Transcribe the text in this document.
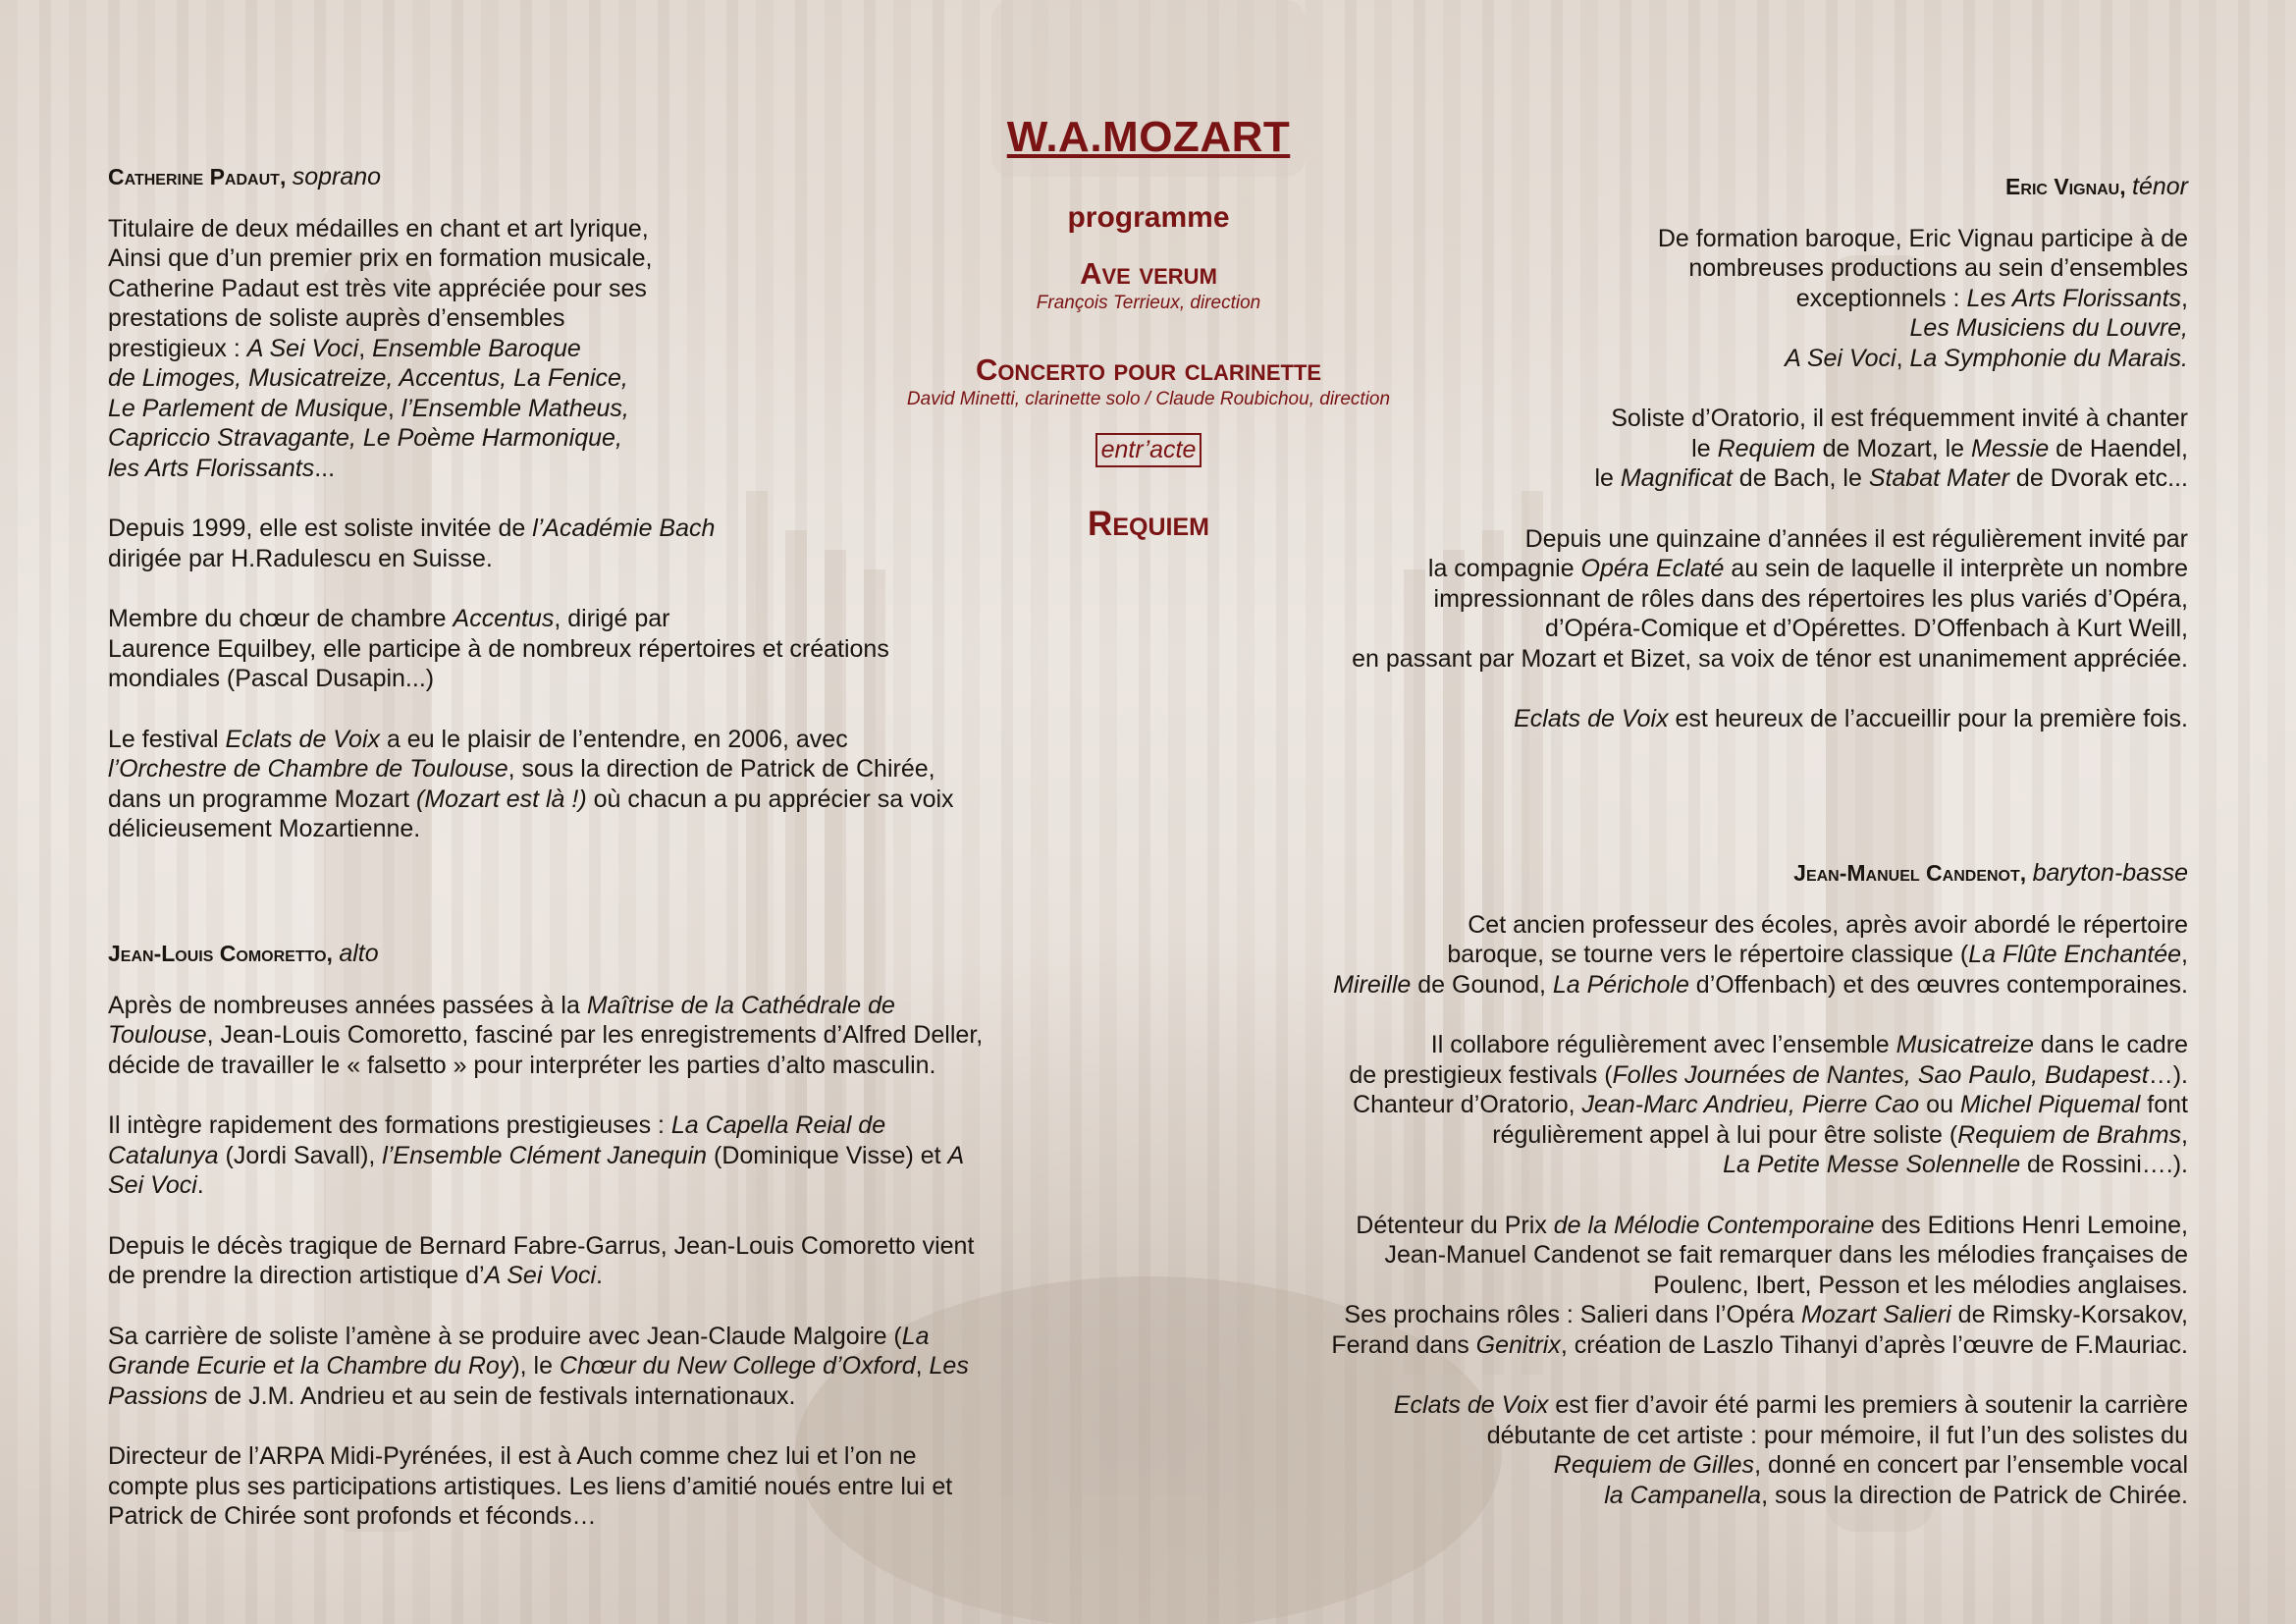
W.A.MOZART
programme
Ave verum
François Terrieux, direction
Concerto pour clarinette
David Minetti, clarinette solo / Claude Roubichou, direction
entr’acte
Requiem
Catherine Padaut, soprano

Titulaire de deux médailles en chant et art lyrique,
Ainsi que d’un premier prix en formation musicale,
Catherine Padaut est très vite appréciée pour ses
prestations de soliste auprès d’ensembles
prestigieux : A Sei Voci, Ensemble Baroque
de Limoges, Musicatreize, Accentus, La Fenice,
Le Parlement de Musique, l’Ensemble Matheus,
Capriccio Stravagante, Le Poème Harmonique,
les Arts Florissants...

Depuis 1999, elle est soliste invitée de l’Académie Bach
dirigée par H.Radulescu en Suisse.

Membre du chœur de chambre Accentus, dirigé par
Laurence Equilbey, elle participe à de nombreux répertoires et créations
mondiales (Pascal Dusapin...)

Le festival Eclats de Voix a eu le plaisir de l’entendre, en 2006, avec
l’Orchestre de Chambre de Toulouse, sous la direction de Patrick de Chirée,
dans un programme Mozart (Mozart est là !) où chacun a pu apprécier sa voix
délicieusement Mozartienne.

Jean-Louis Comoretto, alto

Après de nombreuses années passées à la Maîtrise de la Cathédrale de
Toulouse, Jean-Louis Comoretto, fasciné par les enregistrements d’Alfred Deller,
décide de travailler le « falsetto » pour interpréter les parties d’alto masculin.

Il intègre rapidement des formations prestigieuses : La Capella Reial de
Catalunya (Jordi Savall), l’Ensemble Clément Janequin (Dominique Visse) et A
Sei Voci.

Depuis le décès tragique de Bernard Fabre-Garrus, Jean-Louis Comoretto vient
de prendre la direction artistique d’A Sei Voci.

Sa carrière de soliste l’amène à se produire avec Jean-Claude Malgoire (La
Grande Ecurie et la Chambre du Roy), le Chœur du New College d’Oxford, Les
Passions de J.M. Andrieu et au sein de festivals internationaux.

Directeur de l’ARPA Midi-Pyrénées, il est à Auch comme chez lui et l’on ne
compte plus ses participations artistiques. Les liens d’amitié noués entre lui et
Patrick de Chirée sont profonds et féconds…

Eric Vignau, ténor

De formation baroque, Eric Vignau participe à de
nombreuses productions au sein d’ensembles
exceptionnels : Les Arts Florissants,
Les Musiciens du Louvre,
A Sei Voci, La Symphonie du Marais.

Soliste d’Oratorio, il est fréquemment invité à chanter
le Requiem de Mozart, le Messie de Haendel,
le Magnificat de Bach, le Stabat Mater de Dvorak etc...

Depuis une quinzaine d’années il est régulièrement invité par
la compagnie Opéra Eclaté au sein de laquelle il interprète un nombre
impressionnant de rôles dans des répertoires les plus variés d’Opéra,
d’Opéra-Comique et d’Opérettes. D’Offenbach à Kurt Weill,
en passant par Mozart et Bizet, sa voix de ténor est unanimement appréciée.

Eclats de Voix est heureux de l’accueillir pour la première fois.

Jean-Manuel Candenot, baryton-basse

Cet ancien professeur des écoles, après avoir abordé le répertoire
baroque, se tourne vers le répertoire classique (La Flûte Enchantée,
Mireille de Gounod, La Périchole d’Offenbach) et des œuvres contemporaines.

Il collabore régulièrement avec l’ensemble Musicatreize dans le cadre
de prestigieux festivals (Folles Journées de Nantes, Sao Paulo, Budapest…).
Chanteur d’Oratorio, Jean-Marc Andrieu, Pierre Cao ou Michel Piquemal font
régulièrement appel à lui pour être soliste (Requiem de Brahms,
La Petite Messe Solennelle de Rossini….).

Détenteur du Prix de la Mélodie Contemporaine des Editions Henri Lemoine,
Jean-Manuel Candenot se fait remarquer dans les mélodies françaises de
Poulenc, Ibert, Pesson et les mélodies anglaises.
Ses prochains rôles : Salieri dans l’Opéra Mozart Salieri de Rimsky-Korsakov,
Ferand dans Genitrix, création de Laszlo Tihanyi d’après l’œuvre de F.Mauriac.

Eclats de Voix est fier d’avoir été parmi les premiers à soutenir la carrière
débutante de cet artiste : pour mémoire, il fut l’un des solistes du
Requiem de Gilles, donné en concert par l’ensemble vocal
la Campanella, sous la direction de Patrick de Chirée.
